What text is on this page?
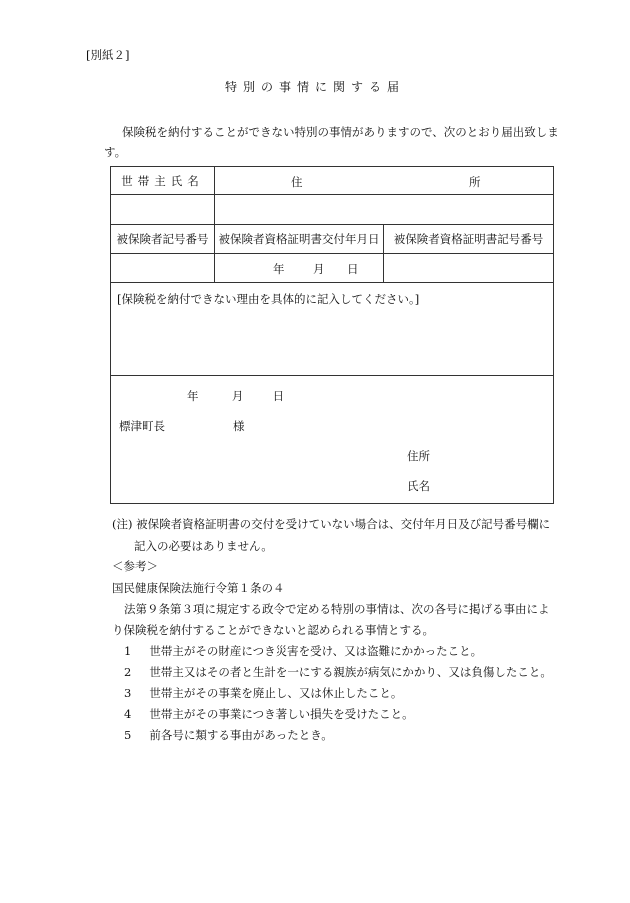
[別紙２]
特別の事情に関する届
保険税を納付することができない特別の事情がありますので、次のとおり届出致しま
す。
世帯主氏名	住 所	

被保険者記号番号	被保険者資格証明書交付年月日	被保険者資格証明書記号番号

	年 月 日	

[保険税を納付できない理由を具体的に記入してください。]		

年 月 日
標津町長 様
住所
氏名		
(注) 被保険者資格証明書の交付を受けていない場合は、交付年月日及び記号番号欄に
記入の必要はありません。
＜参考＞
国民健康保険法施行令第１条の４
法第９条第３項に規定する政令で定める特別の事情は、次の各号に掲げる事由によ
り保険税を納付することができないと認められる事情とする。
1 世帯主がその財産につき災害を受け、又は盗難にかかったこと。
2 世帯主又はその者と生計を一にする親族が病気にかかり、又は負傷したこと。
3 世帯主がその事業を廃止し、又は休止したこと。
4 世帯主がその事業につき著しい損失を受けたこと。
5 前各号に類する事由があったとき。
